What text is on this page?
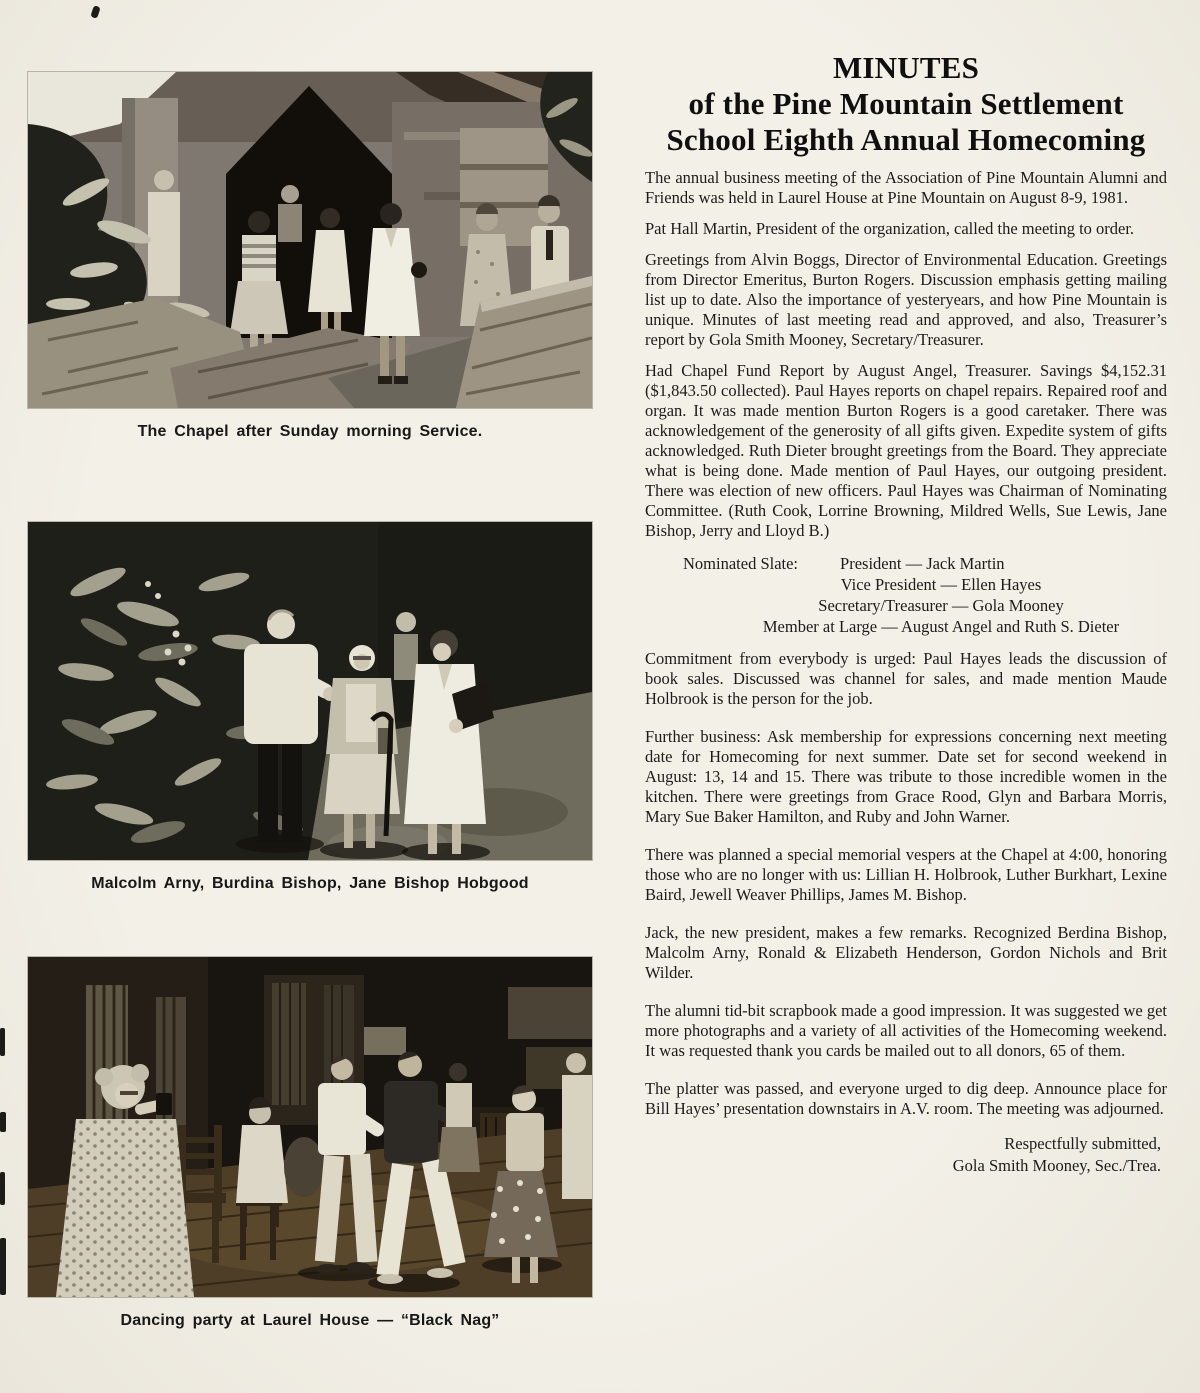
The Chapel after Sunday morning Service.
Malcolm Arny, Burdina Bishop, Jane Bishop Hobgood
Dancing party at Laurel House — “Black Nag”
MINUTES
of the Pine Mountain Settlement
School Eighth Annual Homecoming

The annual business meeting of the Association of Pine Mountain Alumni and Friends was held in Laurel House at Pine Mountain on August 8-9, 1981.

Pat Hall Martin, President of the organization, called the meeting to order.

Greetings from Alvin Boggs, Director of Environmental Education. Greetings from Director Emeritus, Burton Rogers. Discussion emphasis getting mailing list up to date. Also the importance of yesteryears, and how Pine Mountain is unique. Minutes of last meeting read and approved, and also, Treasurer’s report by Gola Smith Mooney, Secretary/Treasurer.

Had Chapel Fund Report by August Angel, Treasurer. Savings $4,152.31 ($1,843.50 collected). Paul Hayes reports on chapel repairs. Repaired roof and organ. It was made mention Burton Rogers is a good caretaker. There was acknowledgement of the generosity of all gifts given. Expedite system of gifts acknowledged. Ruth Dieter brought greetings from the Board. They appreciate what is being done. Made mention of Paul Hayes, our outgoing president. There was election of new officers. Paul Hayes was Chairman of Nominating Committee. (Ruth Cook, Lorrine Browning, Mildred Wells, Sue Lewis, Jane Bishop, Jerry and Lloyd B.)

Nominated Slate:	President — Jack Martin
Vice President — Ellen Hayes
Secretary/Treasurer — Gola Mooney
Member at Large — August Angel and Ruth S. Dieter

Commitment from everybody is urged: Paul Hayes leads the discussion of book sales. Discussed was channel for sales, and made mention Maude Holbrook is the person for the job.

Further business: Ask membership for expressions concerning next meeting date for Homecoming for next summer. Date set for second weekend in August: 13, 14 and 15. There was tribute to those incredible women in the kitchen. There were greetings from Grace Rood, Glyn and Barbara Morris, Mary Sue Baker Hamilton, and Ruby and John Warner.

There was planned a special memorial vespers at the Chapel at 4:00, honoring those who are no longer with us: Lillian H. Holbrook, Luther Burkhart, Lexine Baird, Jewell Weaver Phillips, James M. Bishop.

Jack, the new president, makes a few remarks. Recognized Berdina Bishop, Malcolm Arny, Ronald & Elizabeth Henderson, Gordon Nichols and Brit Wilder.

The alumni tid-bit scrapbook made a good impression. It was suggested we get more photographs and a variety of all activities of the Homecoming weekend. It was requested thank you cards be mailed out to all donors, 65 of them.

The platter was passed, and everyone urged to dig deep. Announce place for Bill Hayes’ presentation downstairs in A.V. room. The meeting was adjourned.

Respectfully submitted,
Gola Smith Mooney, Sec./Trea.
